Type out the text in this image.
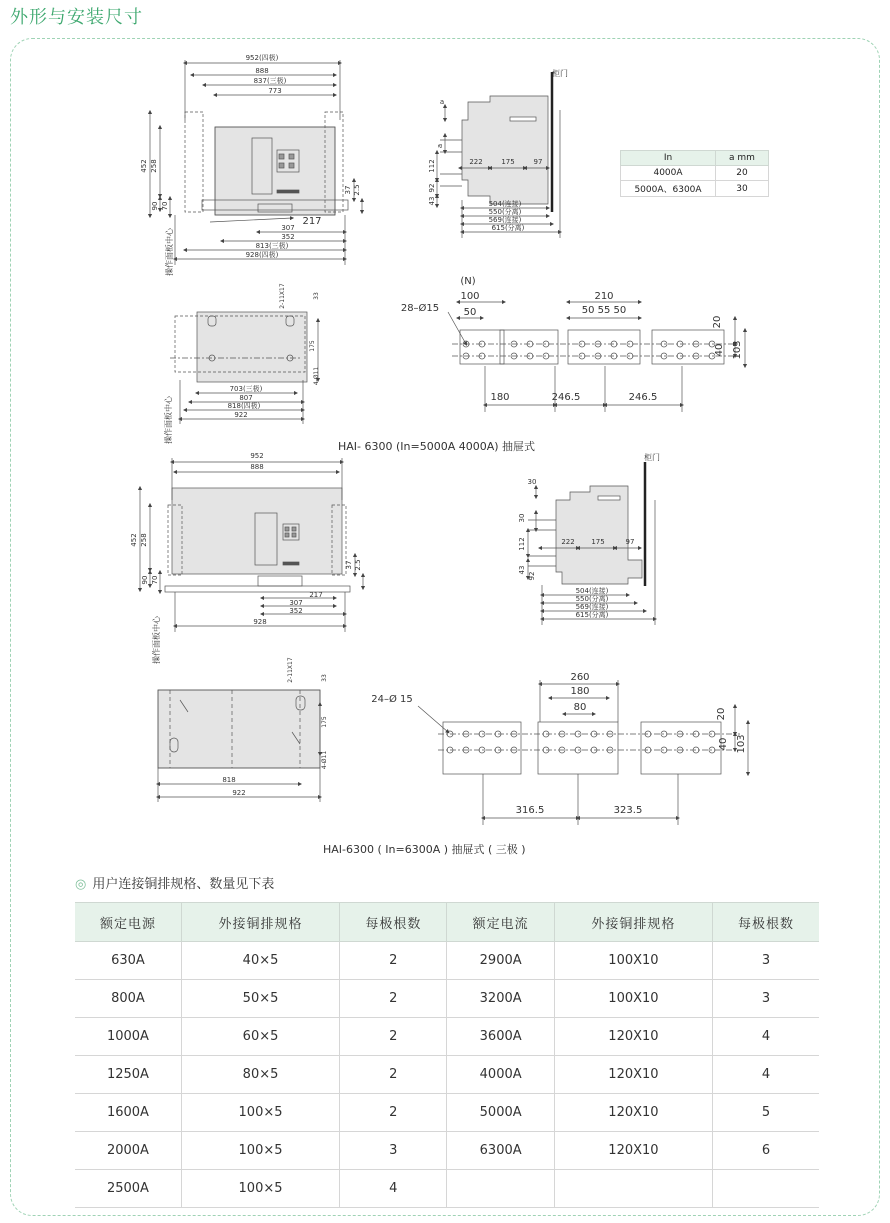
外形与安装尺寸
952(四极)
888
837(三极)
773
452 258
90 70
37 2.5
217
307
352
813(三极)
928(四极)
操作面板中心
操作面板中心
操作面板中心
a
a
柜门
112
92
43
222	175	97
504(连接)
550(分离)
569(连接)
615(分离)
2-11X17	33
175
4-Ø11
703(三极)
807
818(四极)
922
(N)
100
50
28–Ø15
210
50 55 50
20
40 103
180	246.5	246.5
952
888
452 258
90 70
37 2.5
217
307
352
928
柜门
30
30
112
43
92
222 175	97
504(连接)
550(分离)
569(连接)
615(分离)
2-11X17	33
175
4-Ø11
818
922
260
180
80
24–Ø 15
20
40 103
316.5	323.5
In	a mm
4000A	20
5000A、6300A	30
HAI- 6300 (In=5000A 4000A) 抽屉式
HAI-6300 ( In=6300A ) 抽屉式 ( 三极 )
◎ 用户连接铜排规格、数量见下表
额定电源	外接铜排规格	每极根数	额定电流	外接铜排规格	每极根数
630A	40×5	2	2900A	100X10	3
800A	50×5	2	3200A	100X10	3
1000A	60×5	2	3600A	120X10	4
1250A	80×5	2	4000A	120X10	4
1600A	100×5	2	5000A	120X10	5
2000A	100×5	3	6300A	120X10	6
2500A	100×5	4			
